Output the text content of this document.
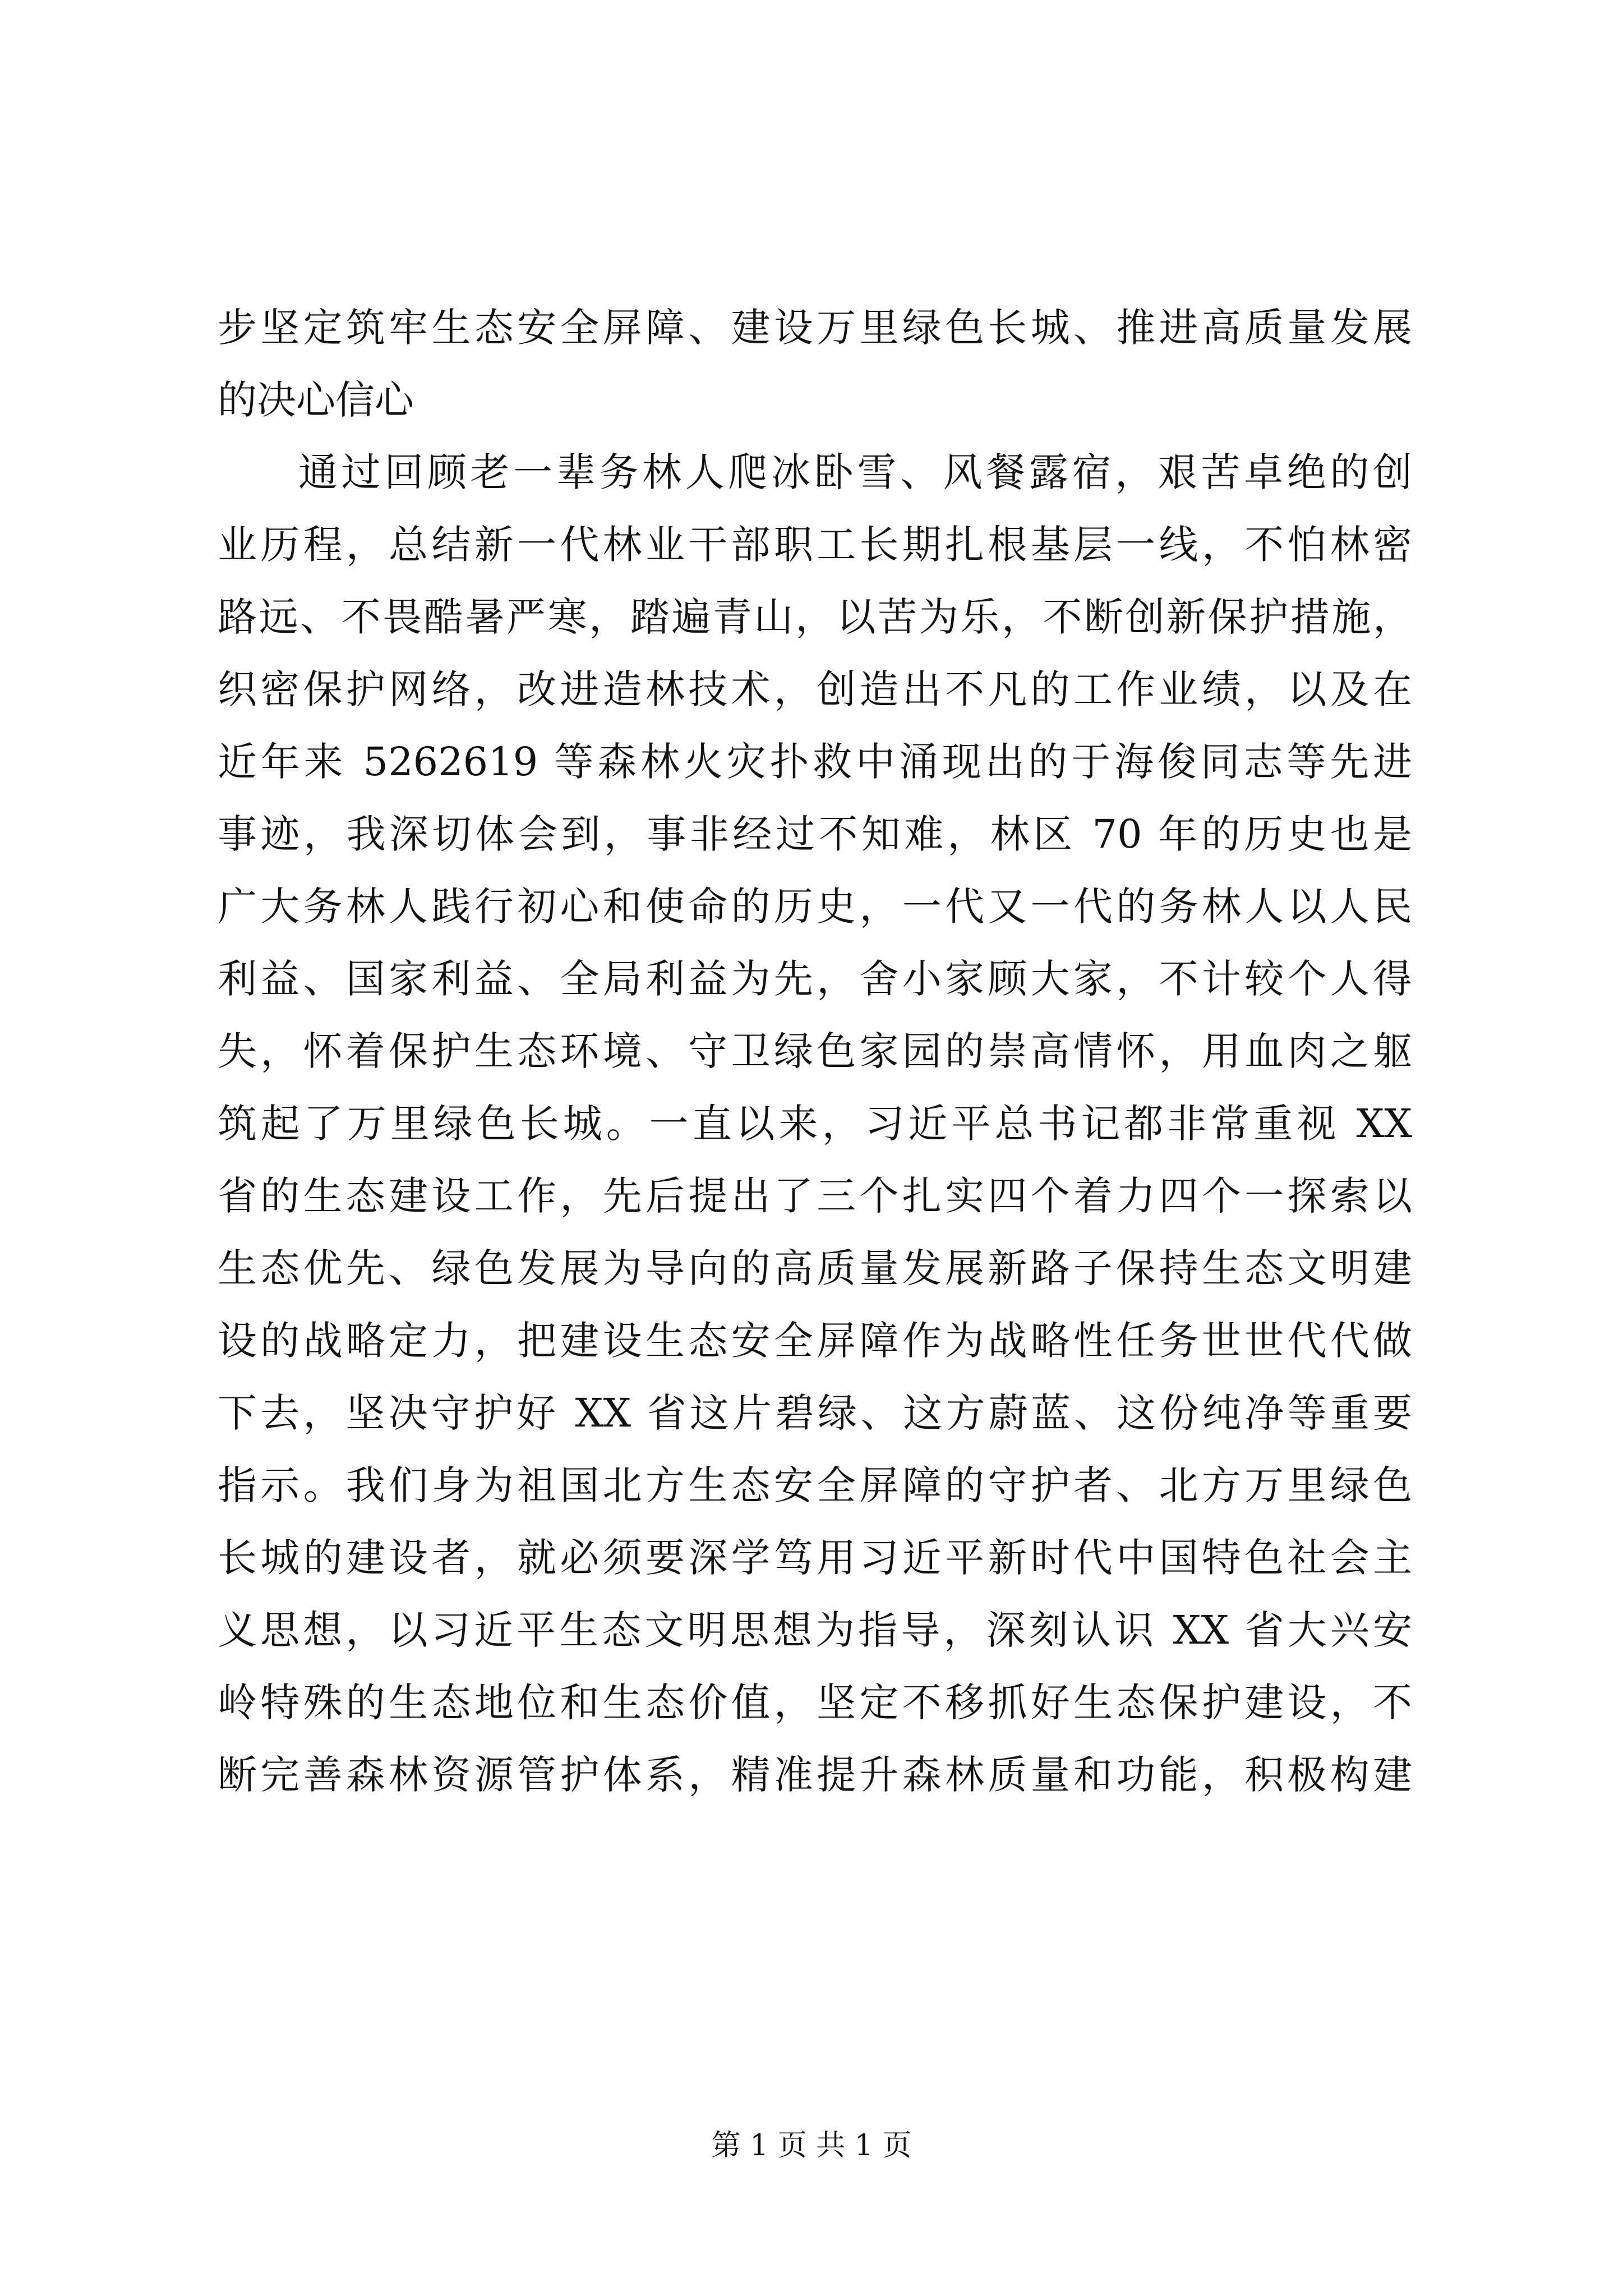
步坚定筑牢生态安全屏障、建设万里绿色长城、推进高质量发展
的决心信心
通过回顾老一辈务林人爬冰卧雪、风餐露宿，艰苦卓绝的创
业历程，总结新一代林业干部职工长期扎根基层一线，不怕林密
路远、不畏酷暑严寒，踏遍青山，以苦为乐，不断创新保护措施，
织密保护网络，改进造林技术，创造出不凡的工作业绩，以及在
近年来 5262619 等森林火灾扑救中涌现出的于海俊同志等先进
事迹，我深切体会到，事非经过不知难，林区 70 年的历史也是
广大务林人践行初心和使命的历史，一代又一代的务林人以人民
利益、国家利益、全局利益为先，舍小家顾大家，不计较个人得
失，怀着保护生态环境、守卫绿色家园的崇高情怀，用血肉之躯
筑起了万里绿色长城。一直以来，习近平总书记都非常重视 XX
省的生态建设工作，先后提出了三个扎实四个着力四个一探索以
生态优先、绿色发展为导向的高质量发展新路子保持生态文明建
设的战略定力，把建设生态安全屏障作为战略性任务世世代代做
下去，坚决守护好 XX 省这片碧绿、这方蔚蓝、这份纯净等重要
指示。我们身为祖国北方生态安全屏障的守护者、北方万里绿色
长城的建设者，就必须要深学笃用习近平新时代中国特色社会主
义思想，以习近平生态文明思想为指导，深刻认识 XX 省大兴安
岭特殊的生态地位和生态价值，坚定不移抓好生态保护建设，不
断完善森林资源管护体系，精准提升森林质量和功能，积极构建
第 1 页 共 1 页
